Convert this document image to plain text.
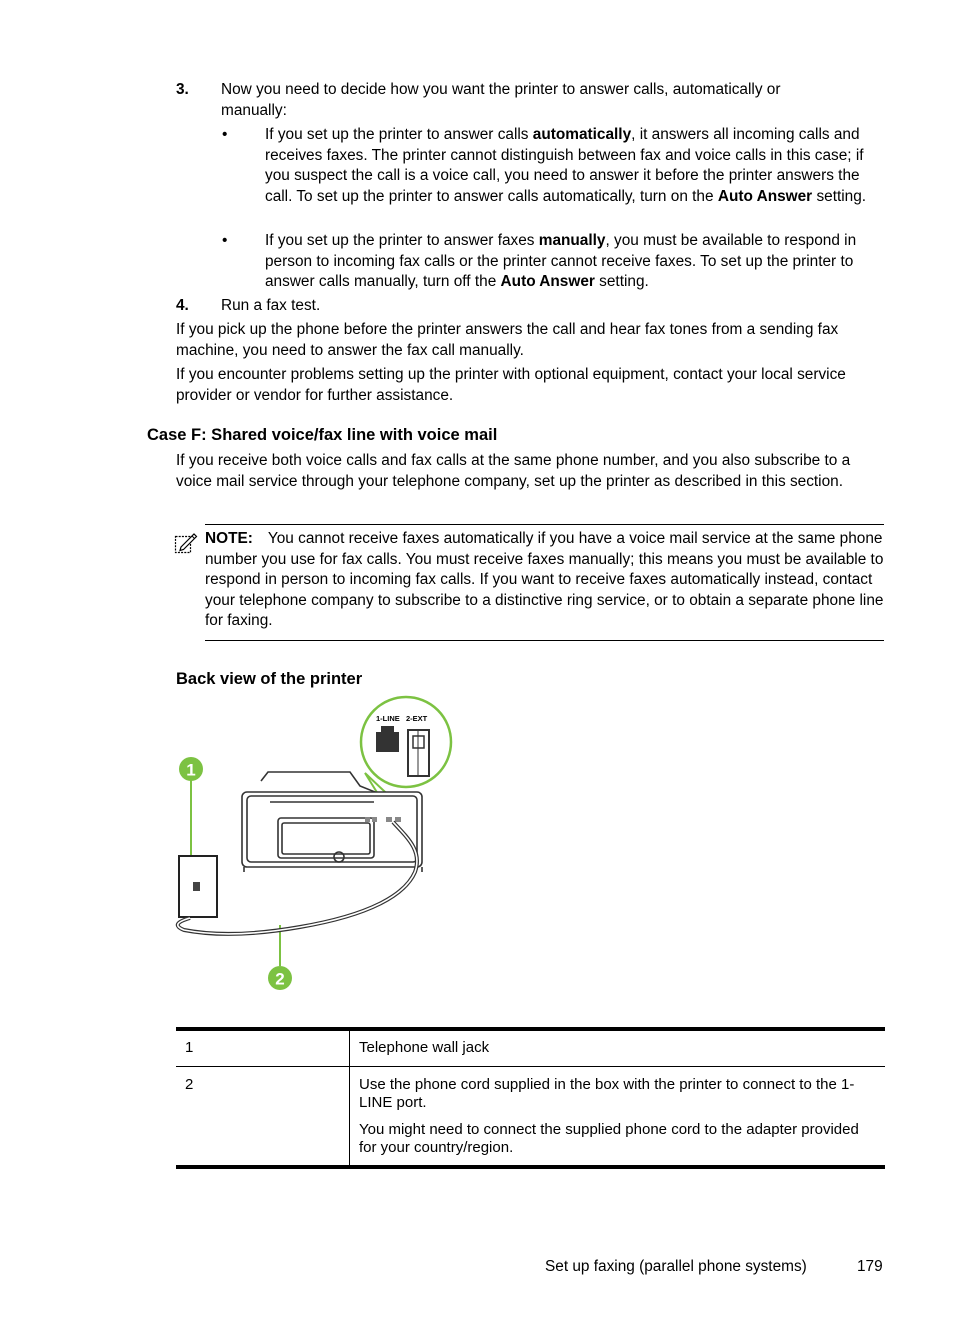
3. Now you need to decide how you want the printer to answer calls, automatically or manually:
• If you set up the printer to answer calls automatically, it answers all incoming calls and receives faxes. The printer cannot distinguish between fax and voice calls in this case; if you suspect the call is a voice call, you need to answer it before the printer answers the call. To set up the printer to answer calls automatically, turn on the Auto Answer setting.
• If you set up the printer to answer faxes manually, you must be available to respond in person to incoming fax calls or the printer cannot receive faxes. To set up the printer to answer calls manually, turn off the Auto Answer setting.
4. Run a fax test.
If you pick up the phone before the printer answers the call and hear fax tones from a sending fax machine, you need to answer the fax call manually.
If you encounter problems setting up the printer with optional equipment, contact your local service provider or vendor for further assistance.
Case F: Shared voice/fax line with voice mail
If you receive both voice calls and fax calls at the same phone number, and you also subscribe to a voice mail service through your telephone company, set up the printer as described in this section.
NOTE: You cannot receive faxes automatically if you have a voice mail service at the same phone number you use for fax calls. You must receive faxes manually; this means you must be available to respond in person to incoming fax calls. If you want to receive faxes automatically instead, contact your telephone company to subscribe to a distinctive ring service, or to obtain a separate phone line for faxing.
Back view of the printer
1-LINE 2-EXT
1
2
1	Telephone wall jack
2	Use the phone cord supplied in the box with the printer to connect to the 1-LINE port.

You might need to connect the supplied phone cord to the adapter provided for your country/region.

Set up faxing (parallel phone systems)	179
